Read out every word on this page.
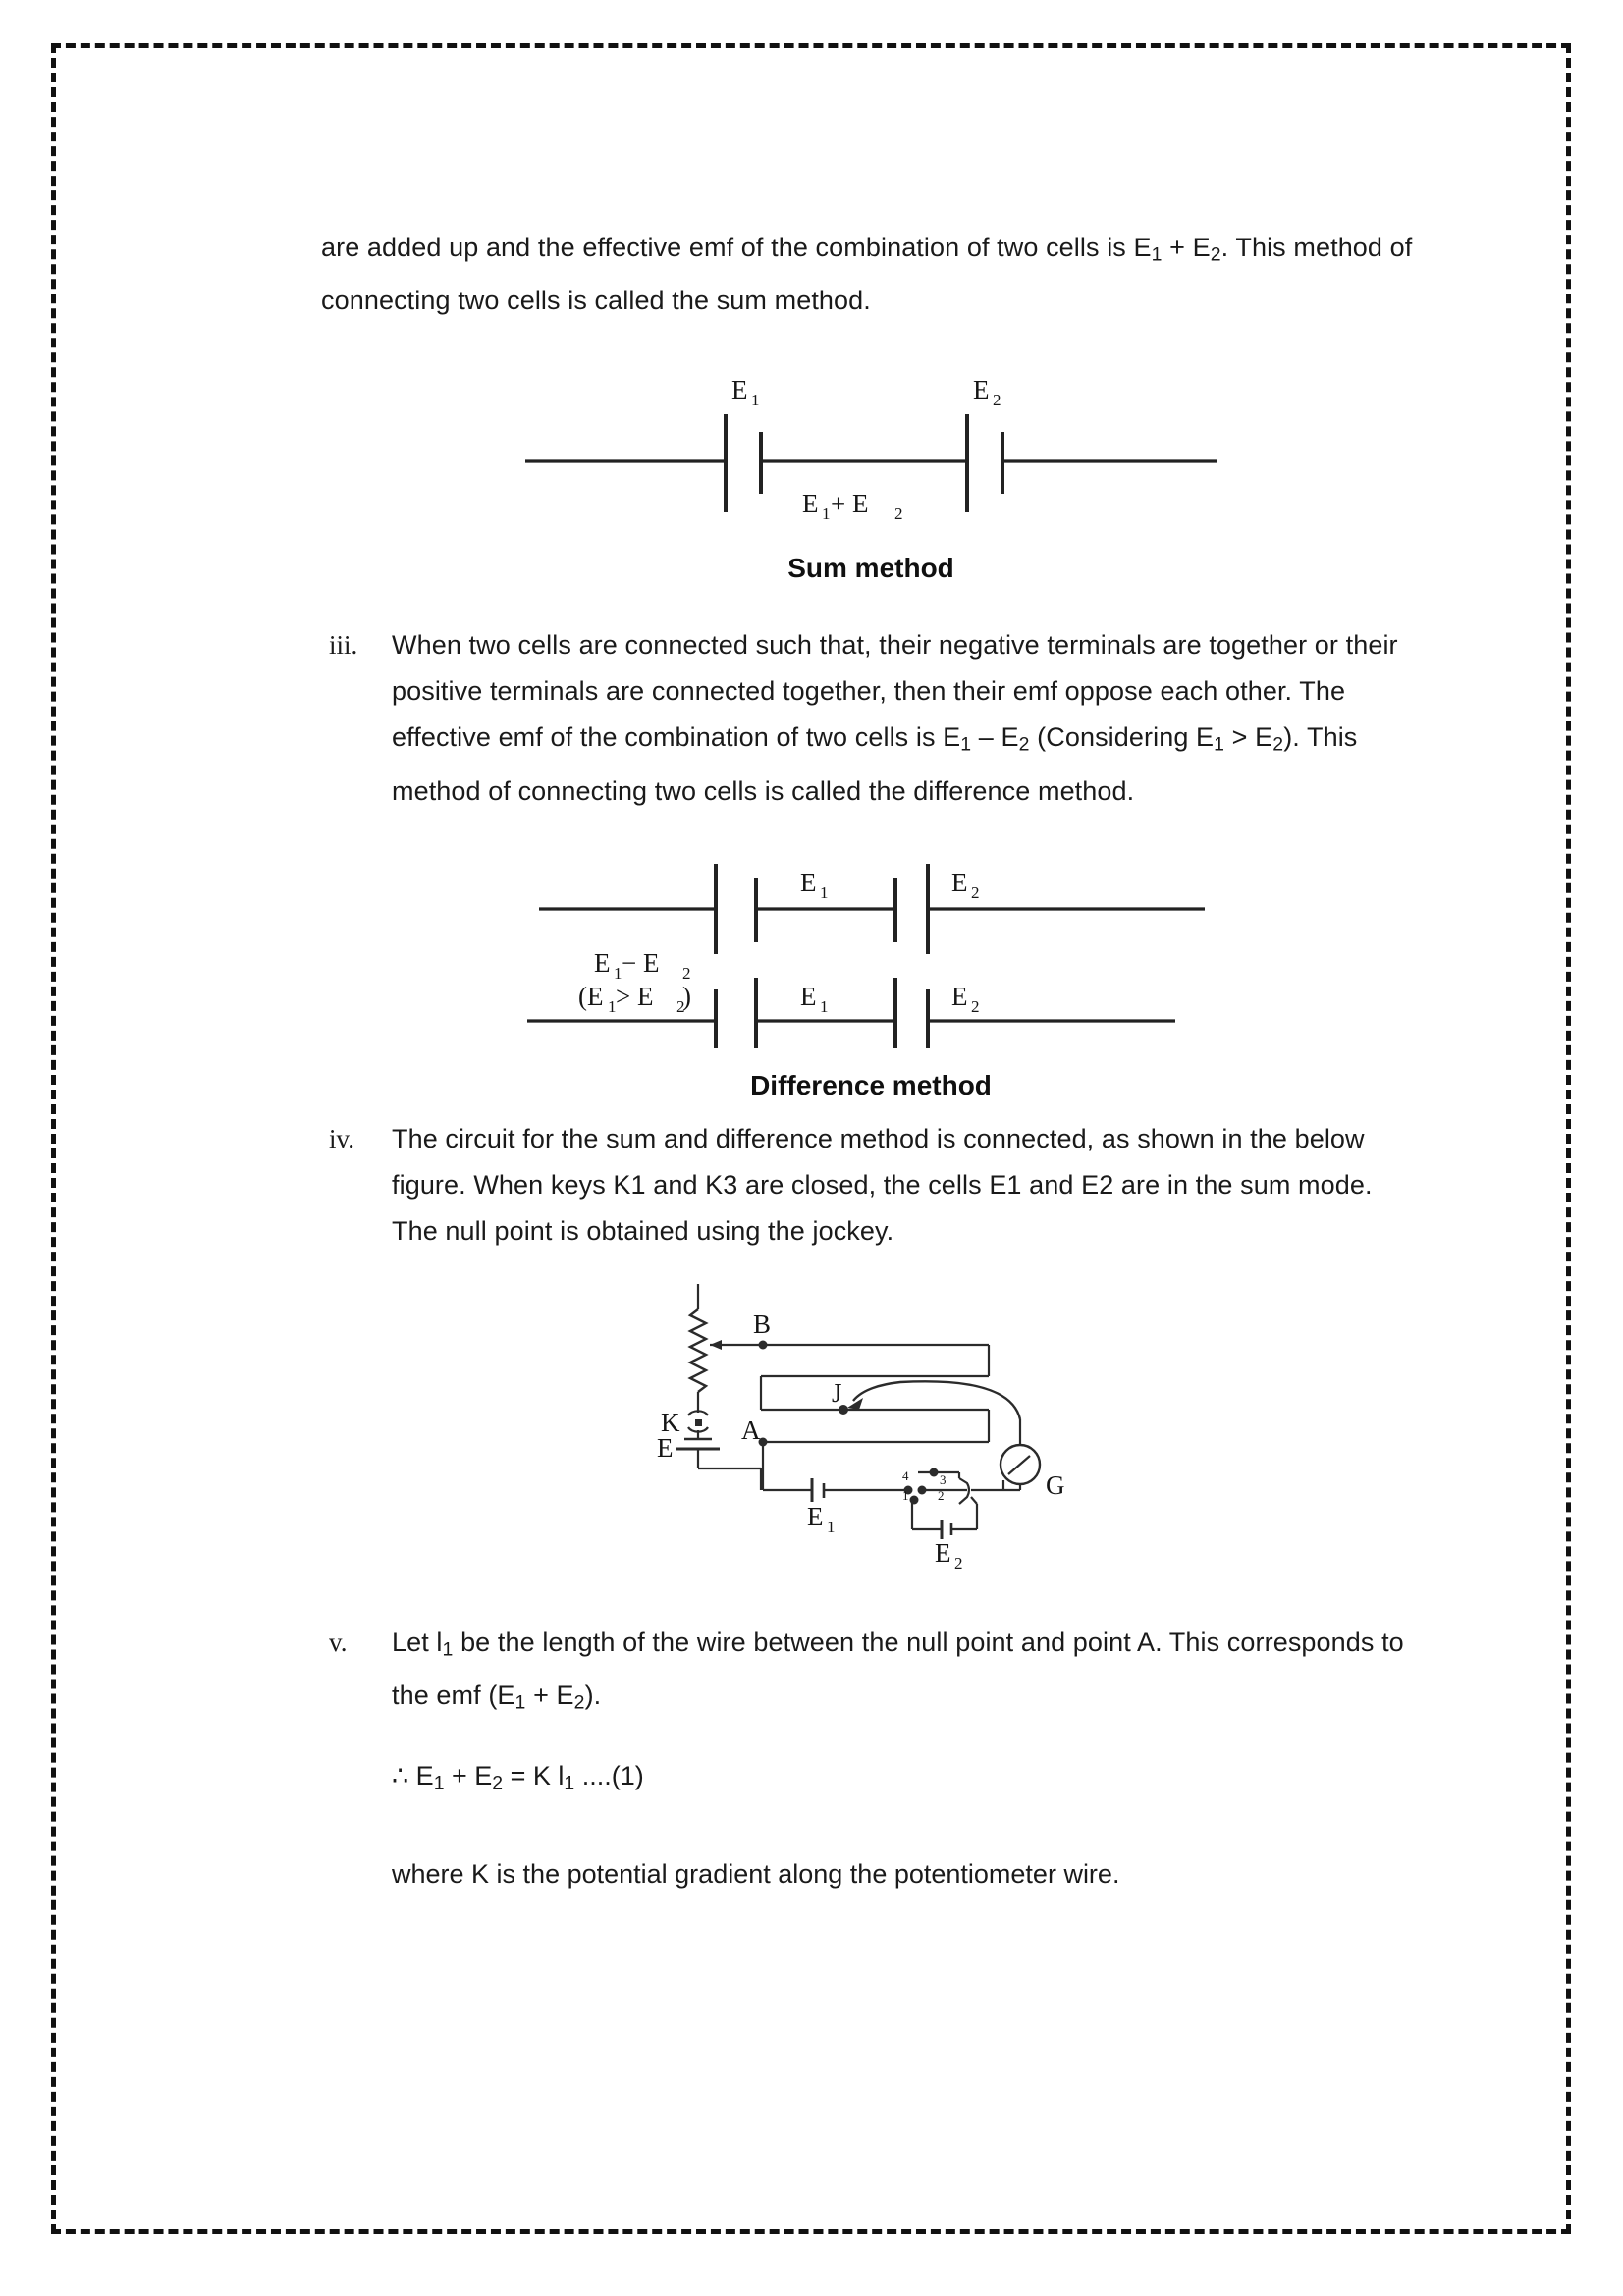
are added up and the effective emf of the combination of two cells is $E_1 + E_2$. This method of connecting two cells is called the sum method.

E 1	E 2
E 1 + E 2
Sum method
iii.	When two cells are connected such that, their negative terminals are together or their positive terminals are connected together, then their emf oppose each other. The effective emf of the combination of two cells is $E_1 - E_2$ (Considering $E_1 > E_2$). This method of connecting two cells is called the difference method.

E 1	E 2
E 1 − E 2
(E 1 > E 2
)	E 1	E 2
Difference method
iv.	The circuit for the sum and difference method is connected, as shown in the below figure. When keys K1 and K3 are closed, the cells E1 and E2 are in the sum mode. The null point is obtained using the jockey.

B
J
A
K
E
G
E 1
E 2
4 3
2
1
v.	Let $l_1$ be the length of the wire between the null point and point A. This corresponds to the emf $(E_1 + E_2)$.

∴ $E_1 + E_2 = K$ $l_1$ ....(1)

where K is the potential gradient along the potentiometer wire.
